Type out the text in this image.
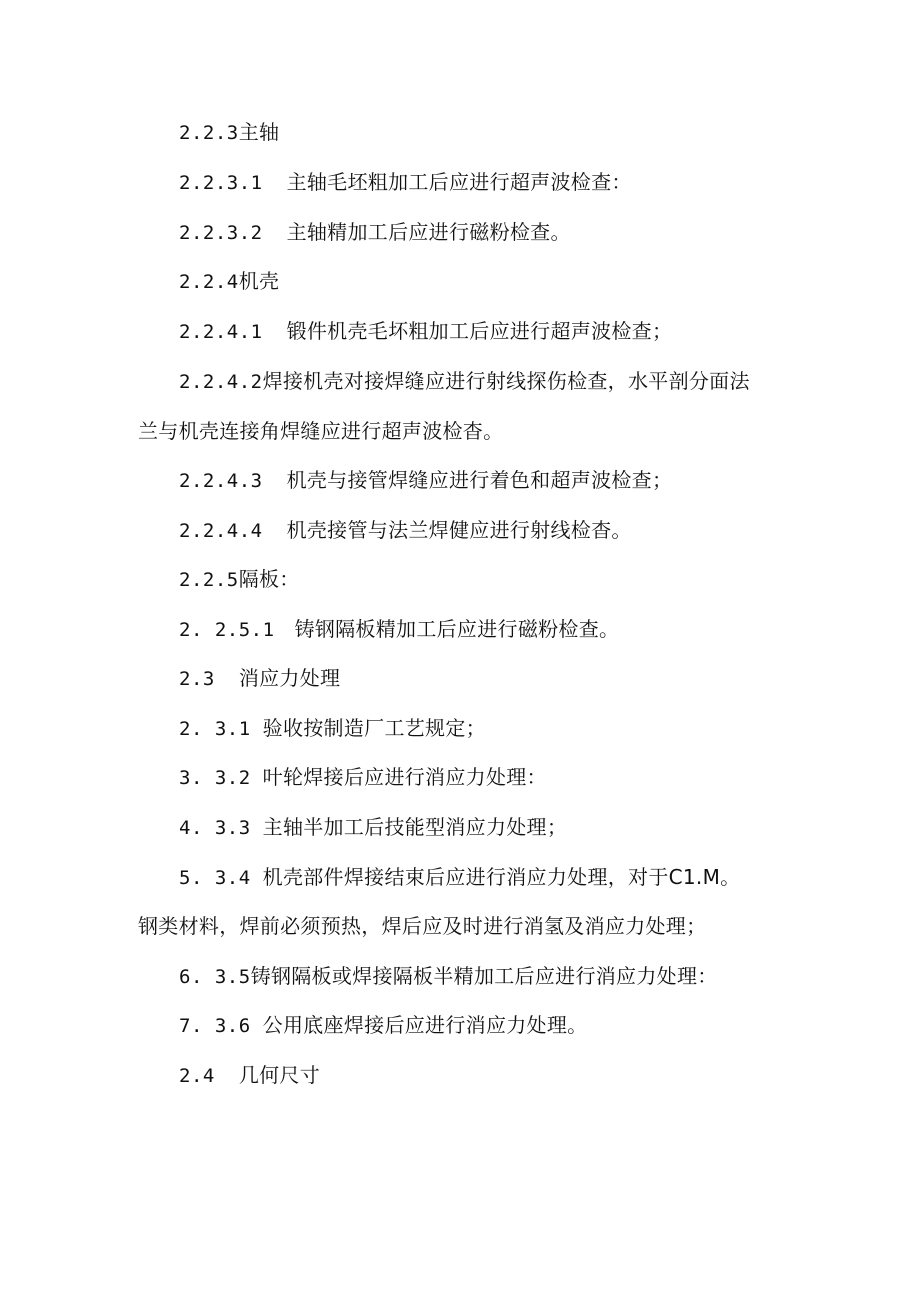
2.2.3主轴
2.2.3.1 主轴毛坯粗加工后应进行超声波检查：
2.2.3.2 主轴精加工后应进行磁粉检查。
2.2.4机壳
2.2.4.1 锻件机壳毛坏粗加工后应进行超声波检查；
2.2.4.2焊接机壳对接焊缝应进行射线探伤检查，水平剖分面法
兰与机壳连接角焊缝应进行超声波检杳。
2.2.4.3 机壳与接管焊缝应进行着色和超声波检查；
2.2.4.4 机壳接管与法兰焊健应进行射线检杳。
2.2.5隔板：
2. 2.5.1 铸钢隔板精加工后应进行磁粉检查。
2.3 消应力处理
2. 3.1 验收按制造厂工艺规定；
3. 3.2 叶轮焊接后应进行消应力处理：
4. 3.3 主轴半加工后技能型消应力处理；
5. 3.4 机壳部件焊接结束后应进行消应力处理，对于C1.M。
钢类材料，焊前必须预热，焊后应及时进行消氢及消应力处理；
6. 3.5铸钢隔板或焊接隔板半精加工后应进行消应力处理：
7. 3.6 公用底座焊接后应进行消应力处理。
2.4 几何尺寸
